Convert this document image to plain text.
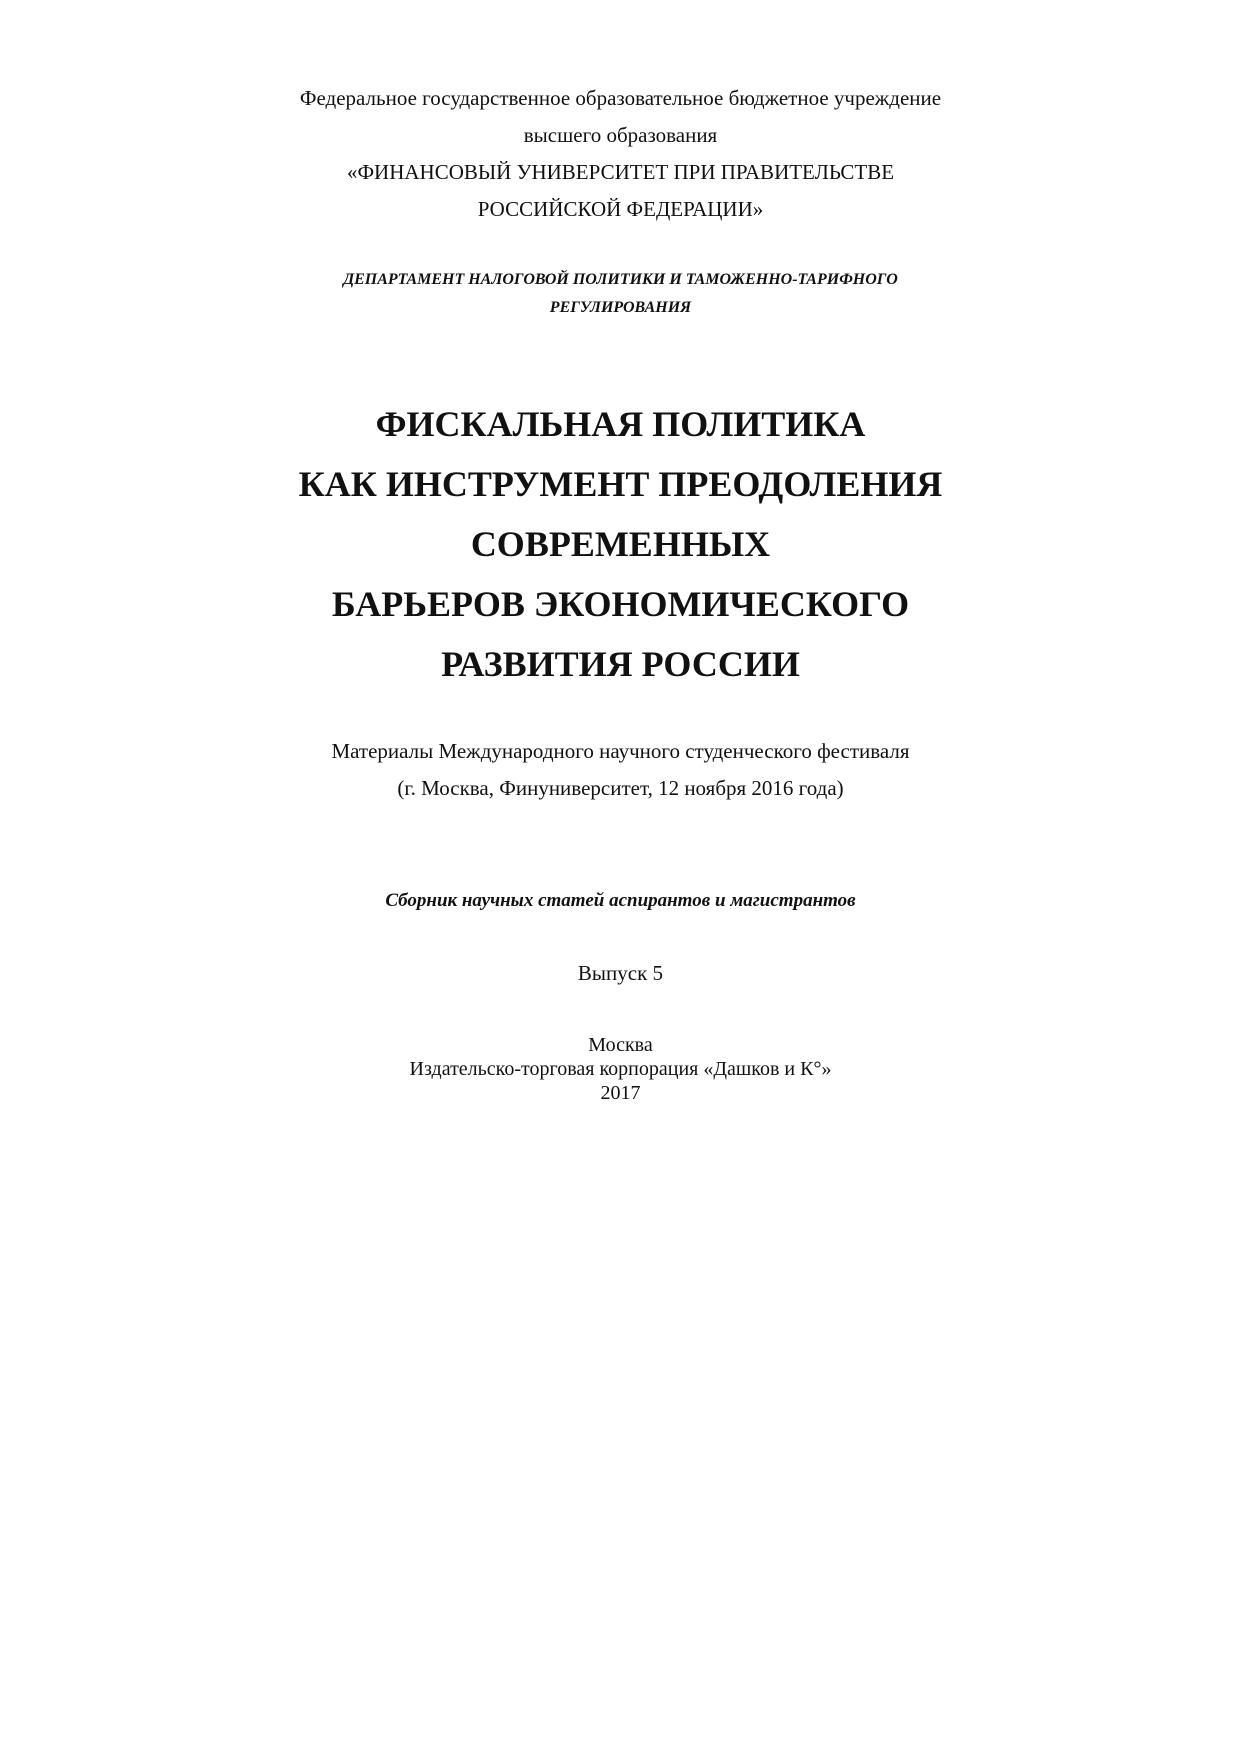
Федеральное государственное образовательное бюджетное учреждение
высшего образования
«ФИНАНСОВЫЙ УНИВЕРСИТЕТ ПРИ ПРАВИТЕЛЬСТВЕ
РОССИЙСКОЙ ФЕДЕРАЦИИ»
ДЕПАРТАМЕНТ НАЛОГОВОЙ ПОЛИТИКИ И ТАМОЖЕННО-ТАРИФНОГО
РЕГУЛИРОВАНИЯ
ФИСКАЛЬНАЯ ПОЛИТИКА
КАК ИНСТРУМЕНТ ПРЕОДОЛЕНИЯ
СОВРЕМЕННЫХ
БАРЬЕРОВ ЭКОНОМИЧЕСКОГО
РАЗВИТИЯ РОССИИ
Материалы Международного научного студенческого фестиваля
(г. Москва, Финуниверситет, 12 ноября 2016 года)
Сборник научных статей аспирантов и магистрантов
Выпуск 5
Москва
Издательско-торговая корпорация «Дашков и К°»
2017
